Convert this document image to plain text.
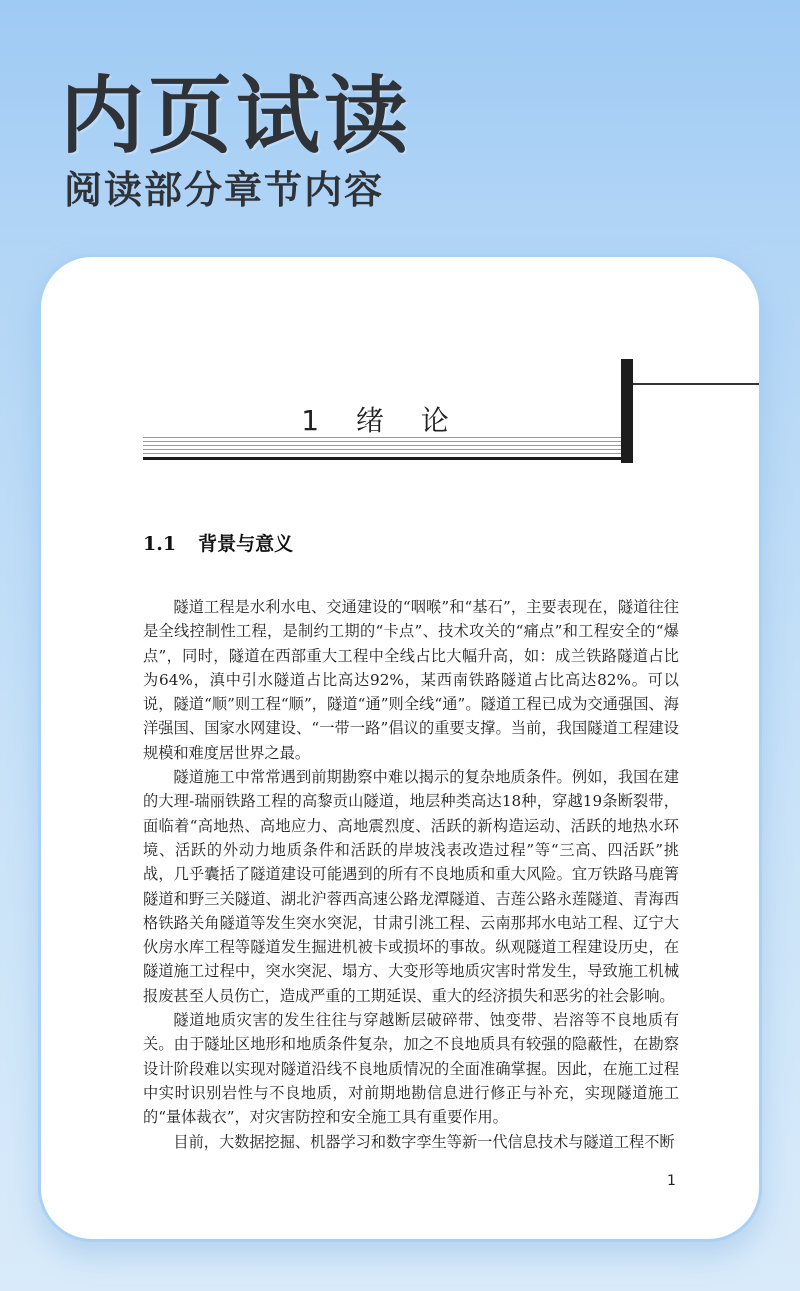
内页试读
阅读部分章节内容
1 绪 论
1.1 背景与意义

隧道工程是水利水电、交通建设的“咽喉”和“基石”，主要表现在，隧道往往是全线控制性工程，是制约工期的“卡点”、技术攻关的“痛点”和工程安全的“爆点”，同时，隧道在西部重大工程中全线占比大幅升高，如：成兰铁路隧道占比为64%，滇中引水隧道占比高达92%，某西南铁路隧道占比高达82%。可以说，隧道“顺”则工程“顺”，隧道“通”则全线“通”。隧道工程已成为交通强国、海洋强国、国家水网建设、“一带一路”倡议的重要支撑。当前，我国隧道工程建设规模和难度居世界之最。

隧道施工中常常遇到前期勘察中难以揭示的复杂地质条件。例如，我国在建的大理-瑞丽铁路工程的高黎贡山隧道，地层种类高达18种，穿越19条断裂带，面临着“高地热、高地应力、高地震烈度、活跃的新构造运动、活跃的地热水环境、活跃的外动力地质条件和活跃的岸坡浅表改造过程”等“三高、四活跃”挑战，几乎囊括了隧道建设可能遇到的所有不良地质和重大风险。宜万铁路马鹿箐隧道和野三关隧道、湖北沪蓉西高速公路龙潭隧道、吉莲公路永莲隧道、青海西格铁路关角隧道等发生突水突泥，甘肃引洮工程、云南那邦水电站工程、辽宁大伙房水库工程等隧道发生掘进机被卡或损坏的事故。纵观隧道工程建设历史，在隧道施工过程中，突水突泥、塌方、大变形等地质灾害时常发生，导致施工机械报废甚至人员伤亡，造成严重的工期延误、重大的经济损失和恶劣的社会影响。

隧道地质灾害的发生往往与穿越断层破碎带、蚀变带、岩溶等不良地质有关。由于隧址区地形和地质条件复杂，加之不良地质具有较强的隐蔽性，在勘察设计阶段难以实现对隧道沿线不良地质情况的全面准确掌握。因此，在施工过程中实时识别岩性与不良地质，对前期地勘信息进行修正与补充，实现隧道施工的“量体裁衣”，对灾害防控和安全施工具有重要作用。

目前，大数据挖掘、机器学习和数字孪生等新一代信息技术与隧道工程不断

1
